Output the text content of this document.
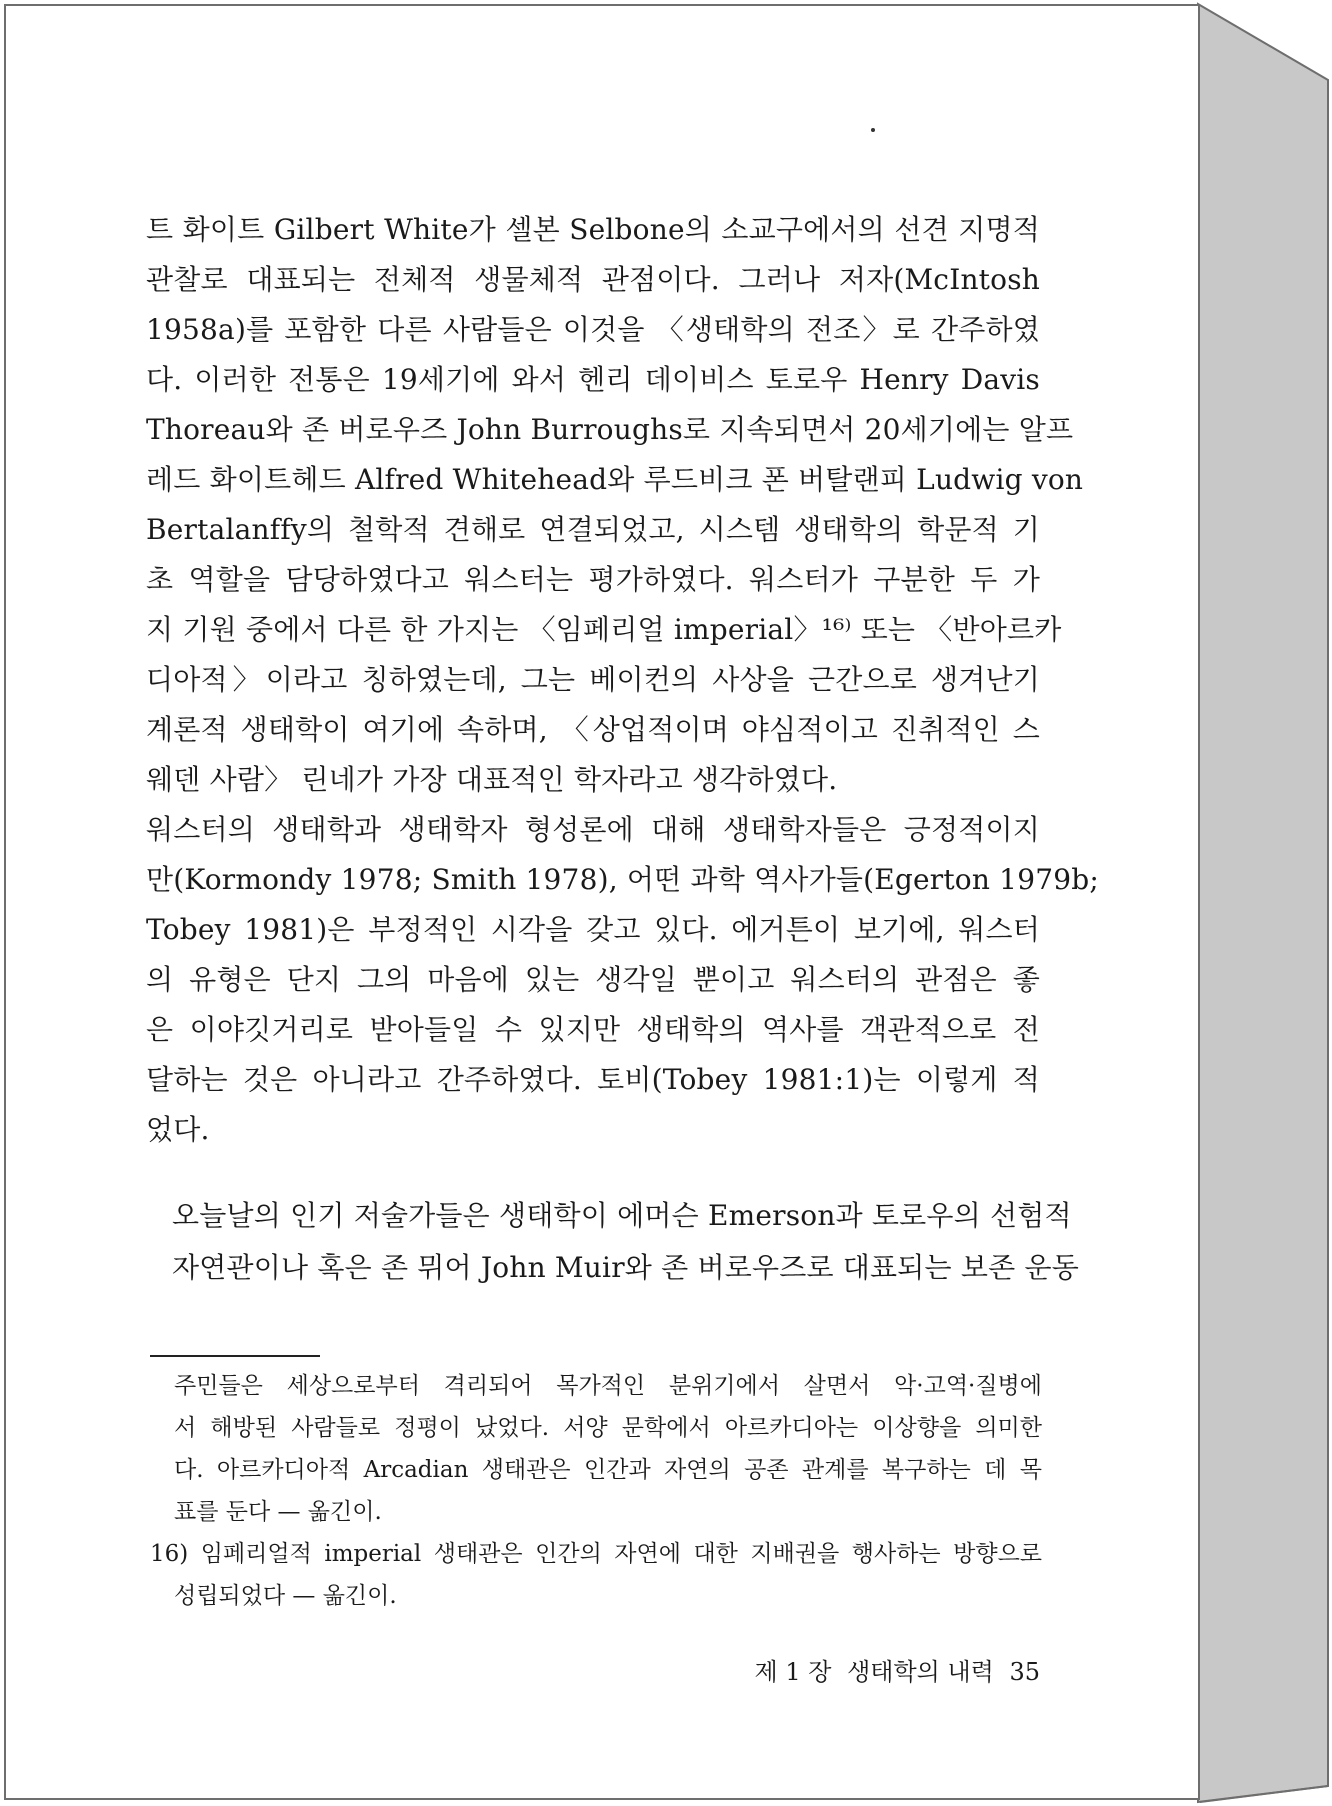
트 화이트 Gilbert White가 셀본 Selbone의 소교구에서의 선견 지명적
관찰로 대표되는 전체적 생물체적 관점이다. 그러나 저자(McIntosh
1958a)를 포함한 다른 사람들은 이것을 〈생태학의 전조〉로 간주하였
다. 이러한 전통은 19세기에 와서 헨리 데이비스 토로우 Henry Davis
Thoreau와 존 버로우즈 John Burroughs로 지속되면서 20세기에는 알프
레드 화이트헤드 Alfred Whitehead와 루드비크 폰 버탈랜피 Ludwig von
Bertalanffy의 철학적 견해로 연결되었고, 시스템 생태학의 학문적 기
초 역할을 담당하였다고 워스터는 평가하였다. 워스터가 구분한 두 가
지 기원 중에서 다른 한 가지는 〈임페리얼 imperial〉¹⁶⁾ 또는 〈반아르카
디아적〉이라고 칭하였는데, 그는 베이컨의 사상을 근간으로 생겨난기
계론적 생태학이 여기에 속하며, 〈상업적이며 야심적이고 진취적인 스
웨덴 사람〉 린네가 가장 대표적인 학자라고 생각하였다.
워스터의 생태학과 생태학자 형성론에 대해 생태학자들은 긍정적이지
만(Kormondy 1978; Smith 1978), 어떤 과학 역사가들(Egerton 1979b;
Tobey 1981)은 부정적인 시각을 갖고 있다. 에거튼이 보기에, 워스터
의 유형은 단지 그의 마음에 있는 생각일 뿐이고 워스터의 관점은 좋
은 이야깃거리로 받아들일 수 있지만 생태학의 역사를 객관적으로 전
달하는 것은 아니라고 간주하였다. 토비(Tobey 1981:1)는 이렇게 적
었다.
오늘날의 인기 저술가들은 생태학이 에머슨 Emerson과 토로우의 선험적
자연관이나 혹은 존 뮈어 John Muir와 존 버로우즈로 대표되는 보존 운동
주민들은 세상으로부터 격리되어 목가적인 분위기에서 살면서 악·고역·질병에
서 해방된 사람들로 정평이 났었다. 서양 문학에서 아르카디아는 이상향을 의미한
다. 아르카디아적 Arcadian 생태관은 인간과 자연의 공존 관계를 복구하는 데 목
표를 둔다 — 옮긴이.
16) 임페리얼적 imperial 생태관은 인간의 자연에 대한 지배권을 행사하는 방향으로
성립되었다 — 옮긴이.
제 1 장 생태학의 내력 35
